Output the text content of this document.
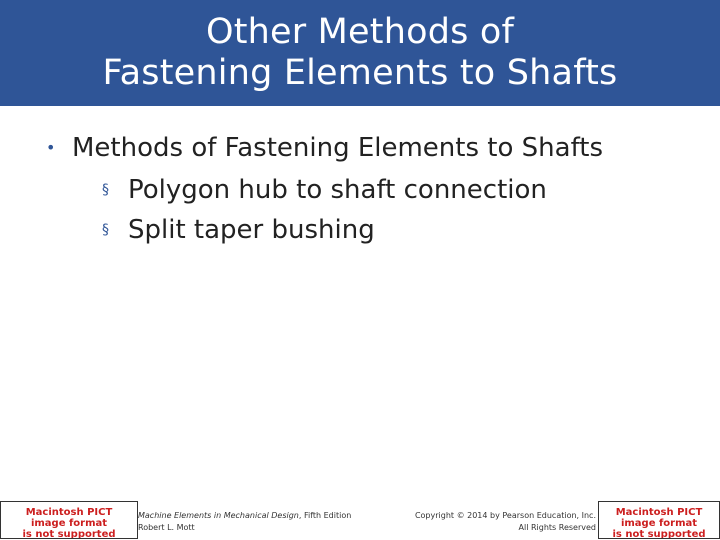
Other Methods of
Fastening Elements to Shafts
• Methods of Fastening Elements to Shafts
§ Polygon hub to shaft connection
§ Split taper bushing
Macintosh PICT
image format
is not supported
Machine Elements in Mechanical Design, Fifth Edition
Robert L. Mott
Copyright © 2014 by Pearson Education, Inc.
All Rights Reserved
Macintosh PICT
image format
is not supported
